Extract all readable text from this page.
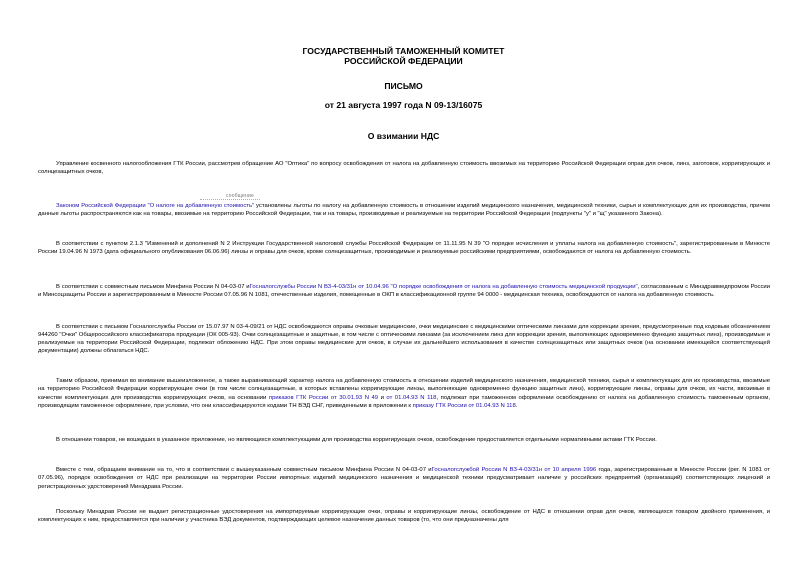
ГОСУДАРСТВЕННЫЙ ТАМОЖЕННЫЙ КОМИТЕТ
РОССИЙСКОЙ ФЕДЕРАЦИИ
ПИСЬМО
от 21 августа 1997 года N 09-13/16075
О взимании НДС

Управление косвенного налогообложения ГТК России, рассмотрев обращение АО "Оптика" по вопросу освобождения от налога на добавленную стоимость ввозимых на территорию Российской Федерации оправ для очков, линз, заготовок, корригирующих и солнцезащитных очков,

сообщение

Законом Российской Федерации "О налоге на добавленную стоимость" установлены льготы по налогу на добавленную стоимость в отношении изделий медицинского назначения, медицинской техники, сырья и комплектующих для их производства, причем данные льготы распространяются как на товары, ввозимые на территорию Российской Федерации, так и на товары, производимые и реализуемые на территории Российской Федерации (подпункты "у" и "щ" указанного Закона).

В соответствии с пунктом 2.1.3 "Изменений и дополнений N 2 Инструкции Государственной налоговой службы Российской Федерации от 11.11.95 N 39 "О порядке исчисления и уплаты налога на добавленную стоимость", зарегистрированным в Минюсте России 19.04.96 N 1973 (дата официального опубликования 06.06.96) линзы и оправы для очков, кроме солнцезащитных, производимые и реализуемые российскими предприятиями, освобождаются от налога на добавленную стоимость.

В соответствии с совместным письмом Минфина России N 04-03-07 иГосналогслужбы России N ВЗ-4-03/31н от 10.04.96 "О порядке освобождения от налога на добавленную стоимость медицинской продукции", согласованным с Минздравмедпромом России и Минсоцзащиты России и зарегистрированным в Минюсте России 07.05.96 N 1081, отечественные изделия, помещенные в ОКП в классификационной группе 94 0000 - медицинская техника, освобождаются от налога на добавленную стоимость.

В соответствии с письмом Госналогслужбы России от 15.07.97 N 03-4-09/21 от НДС освобождаются оправы очковые медицинские, очки медицинские с медицинскими оптическими линзами для коррекции зрения, предусмотренные под кодовым обозначением 944260 "Очки" Общероссийского классификатора продукции (ОК 005-93). Очки солнцезащитные и защитные, в том числе с оптическими линзами (за исключением линз для коррекции зрения, выполняющих одновременно функцию защитных линз), производимые и реализуемые на территории Российской Федерации, подлежат обложению НДС. При этом оправы медицинские для очков, в случае их дальнейшего использования в качестве солнцезащитных или защитных очков (на основании имеющейся соответствующей документации) должны облагаться НДС.

Таким образом, принимая во внимание вышеизложенное, а также выравнивающий характер налога на добавленную стоимость в отношении изделий медицинского назначения, медицинской техники, сырья и комплектующих для их производства, ввозимые на территорию Российской Федерации корригирующие очки (в том числе солнцезащитные, в которых вставлены корригирующие линзы, выполняющие одновременно функцию защитных линз), корригирующие линзы, оправы для очков, их части, ввозимые в качестве комплектующих для производства корригирующих очков, на основании приказов ГТК России от 30.01.93 N 49 и от 01.04.93 N 118, подлежат при таможенном оформлении освобождению от налога на добавленную стоимость таможенным органом, производящим таможенное оформление, при условии, что они классифицируются кодами ТН ВЭД СНГ, приведенными в приложении к приказу ГТК России от 01.04.93 N 118.

В отношении товаров, не вошедших в указанное приложение, но являющихся комплектующими для производства корригирующих очков, освобождение предоставляется отдельными нормативными актами ГТК России.

Вместе с тем, обращаем внимание на то, что в соответствии с вышеуказанным совместным письмом Минфина России N 04-03-07 иГосналогслужбой России N ВЗ-4-03/31н от 10 апреля 1996 года, зарегистрированным в Минюсте России (рег. N 1081 от 07.05.96), порядок освобождения от НДС при реализации на территории России импортных изделий медицинского назначения и медицинской техники предусматривает наличие у российских предприятий (организаций) соответствующих лицензий и регистрационных удостоверений Минздрава России.

Поскольку Минздрав России не выдает регистрационные удостоверения на импортируемые корригирующие очки, оправы и корригирующие линзы, освобождение от НДС в отношении оправ для очков, являющихся товаром двойного применения, и комплектующих к ним, предоставляется при наличии у участника ВЭД документов, подтверждающих целевое назначение данных товаров (то, что они предназначены для
